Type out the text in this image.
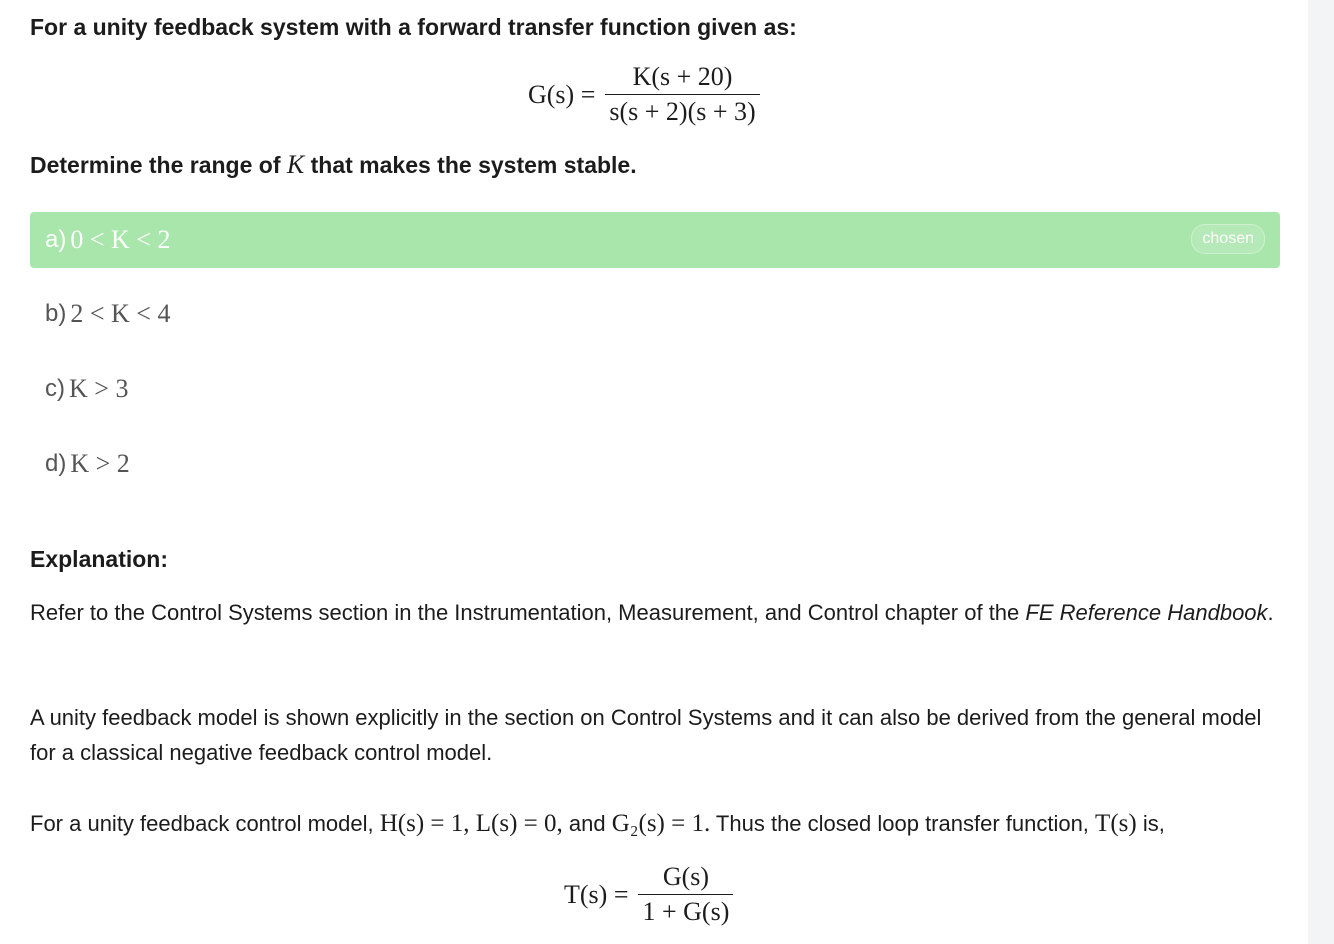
For a unity feedback system with a forward transfer function given as:
$G(s) = \frac{K(s + 20)}{s(s + 2)(s + 3)}$
Determine the range of K that makes the system stable.
a) 0 < K < 2	chosen
b) 2 < K < 4
c) K > 3
d) K > 2
Explanation:
Refer to the Control Systems section in the Instrumentation, Measurement, and Control chapter of the FE Reference Handbook.
A unity feedback model is shown explicitly in the section on Control Systems and it can also be derived from the general model for a classical negative feedback control model.
For a unity feedback control model, H(s) = 1, L(s) = 0, and G₂(s) = 1. Thus the closed loop transfer function, T(s) is,
$T(s) = \frac{G(s)}{1 + G(s)}$
